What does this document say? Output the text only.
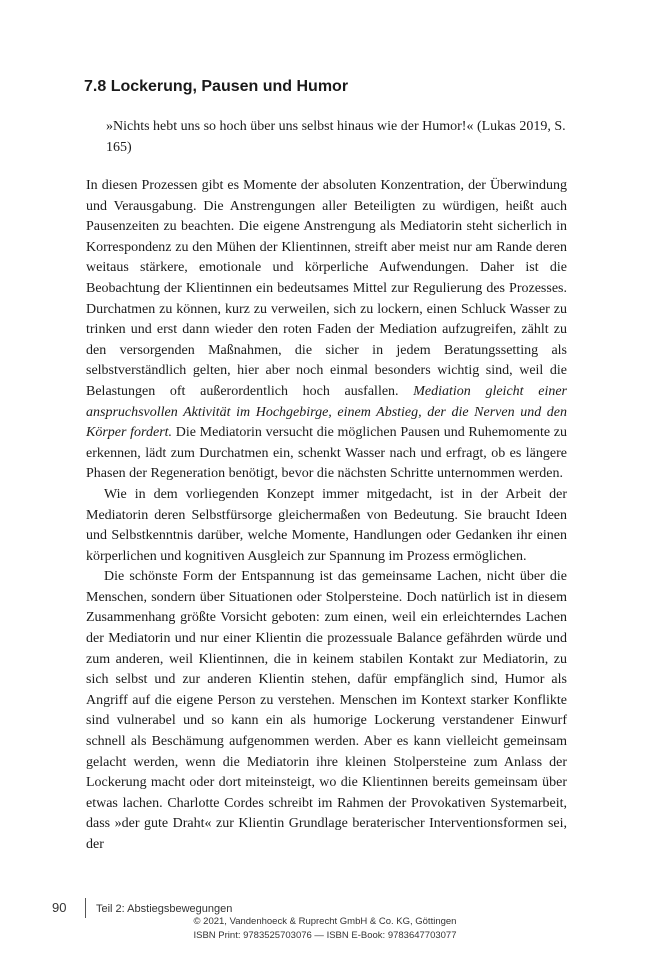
7.8 Lockerung, Pausen und Humor

»Nichts hebt uns so hoch über uns selbst hinaus wie der Humor!« (Lukas 2019, S. 165)

In diesen Prozessen gibt es Momente der absoluten Konzentration, der Überwindung und Verausgabung. Die Anstrengungen aller Beteiligten zu würdigen, heißt auch Pausenzeiten zu beachten. Die eigene Anstrengung als Mediatorin steht sicherlich in Korrespondenz zu den Mühen der Klientinnen, streift aber meist nur am Rande deren weitaus stärkere, emotionale und körperliche Aufwendungen. Daher ist die Beobachtung der Klientinnen ein bedeutsames Mittel zur Regulierung des Prozesses. Durchatmen zu können, kurz zu verweilen, sich zu lockern, einen Schluck Wasser zu trinken und erst dann wieder den roten Faden der Mediation aufzugreifen, zählt zu den versorgenden Maßnahmen, die sicher in jedem Beratungssetting als selbstverständlich gelten, hier aber noch einmal besonders wichtig sind, weil die Belastungen oft außerordentlich hoch ausfallen. Mediation gleicht einer anspruchsvollen Aktivität im Hochgebirge, einem Abstieg, der die Nerven und den Körper fordert. Die Mediatorin versucht die möglichen Pausen und Ruhemomente zu erkennen, lädt zum Durchatmen ein, schenkt Wasser nach und erfragt, ob es längere Phasen der Regeneration benötigt, bevor die nächsten Schritte unternommen werden.

Wie in dem vorliegenden Konzept immer mitgedacht, ist in der Arbeit der Mediatorin deren Selbstfürsorge gleichermaßen von Bedeutung. Sie braucht Ideen und Selbstkenntnis darüber, welche Momente, Handlungen oder Gedanken ihr einen körperlichen und kognitiven Ausgleich zur Spannung im Prozess ermöglichen.

Die schönste Form der Entspannung ist das gemeinsame Lachen, nicht über die Menschen, sondern über Situationen oder Stolpersteine. Doch natürlich ist in diesem Zusammenhang größte Vorsicht geboten: zum einen, weil ein erleichterndes Lachen der Mediatorin und nur einer Klientin die prozessuale Balance gefährden würde und zum anderen, weil Klientinnen, die in keinem stabilen Kontakt zur Mediatorin, zu sich selbst und zur anderen Klientin stehen, dafür empfänglich sind, Humor als Angriff auf die eigene Person zu verstehen. Menschen im Kontext starker Konflikte sind vulnerabel und so kann ein als humorige Lockerung verstandener Einwurf schnell als Beschämung aufgenommen werden. Aber es kann vielleicht gemeinsam gelacht werden, wenn die Mediatorin ihre kleinen Stolpersteine zum Anlass der Lockerung macht oder dort miteinsteigt, wo die Klientinnen bereits gemeinsam über etwas lachen. Charlotte Cordes schreibt im Rahmen der Provokativen Systemarbeit, dass »der gute Draht« zur Klientin Grundlage beraterischer Interventionsformen sei, der

90	Teil 2: Abstiegsbewegungen
© 2021, Vandenhoeck & Ruprecht GmbH & Co. KG, Göttingen
ISBN Print: 9783525703076 — ISBN E-Book: 9783647703077
